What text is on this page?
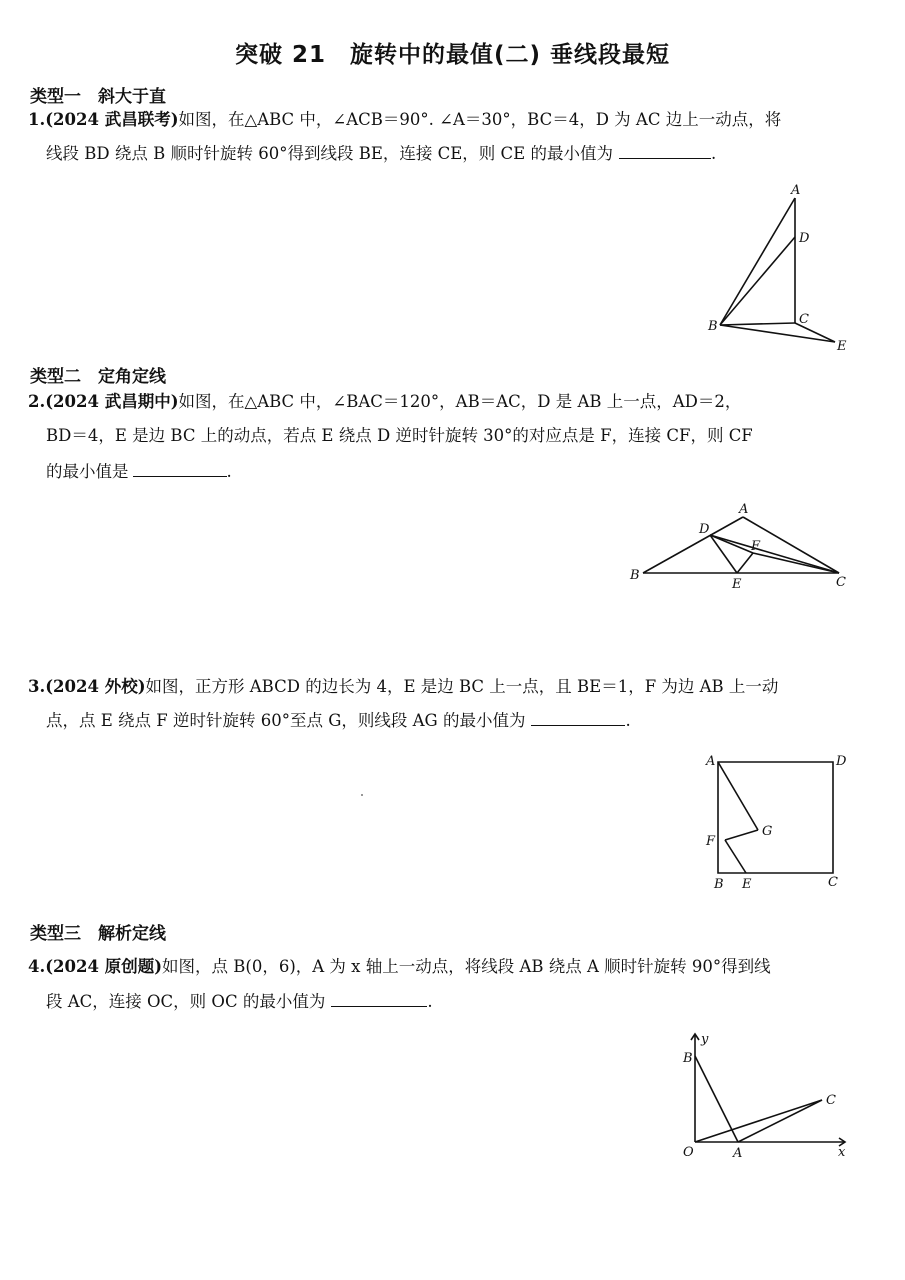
突破 21　旋转中的最值(二) 垂线段最短
类型一　斜大于直
1.(2024 武昌联考)如图，在△ABC 中，∠ACB＝90°. ∠A＝30°，BC＝4，D 为 AC 边上一动点，将
线段 BD 绕点 B 顺时针旋转 60°得到线段 BE，连接 CE，则 CE 的最小值为	.
A
D
B	C
E
类型二　定角定线
2.(2024 武昌期中)如图，在△ABC 中，∠BAC＝120°，AB＝AC，D 是 AB 上一点，AD＝2，
BD＝4，E 是边 BC 上的动点，若点 E 绕点 D 逆时针旋转 30°的对应点是 F，连接 CF，则 CF
的最小值是	.
A
D
F
B
E	C
3.(2024 外校)如图，正方形 ABCD 的边长为 4，E 是边 BC 上一点，且 BE＝1，F 为边 AB 上一动
点，点 E 绕点 F 逆时针旋转 60°至点 G，则线段 AG 的最小值为	.
A	D
G
F
B E	C
类型三　解析定线
4.(2024 原创题)如图，点 B(0，6)，A 为 x 轴上一动点，将线段 AB 绕点 A 顺时针旋转 90°得到线
段 AC，连接 OC，则 OC 的最小值为	.
y
B
C
O	A	x
